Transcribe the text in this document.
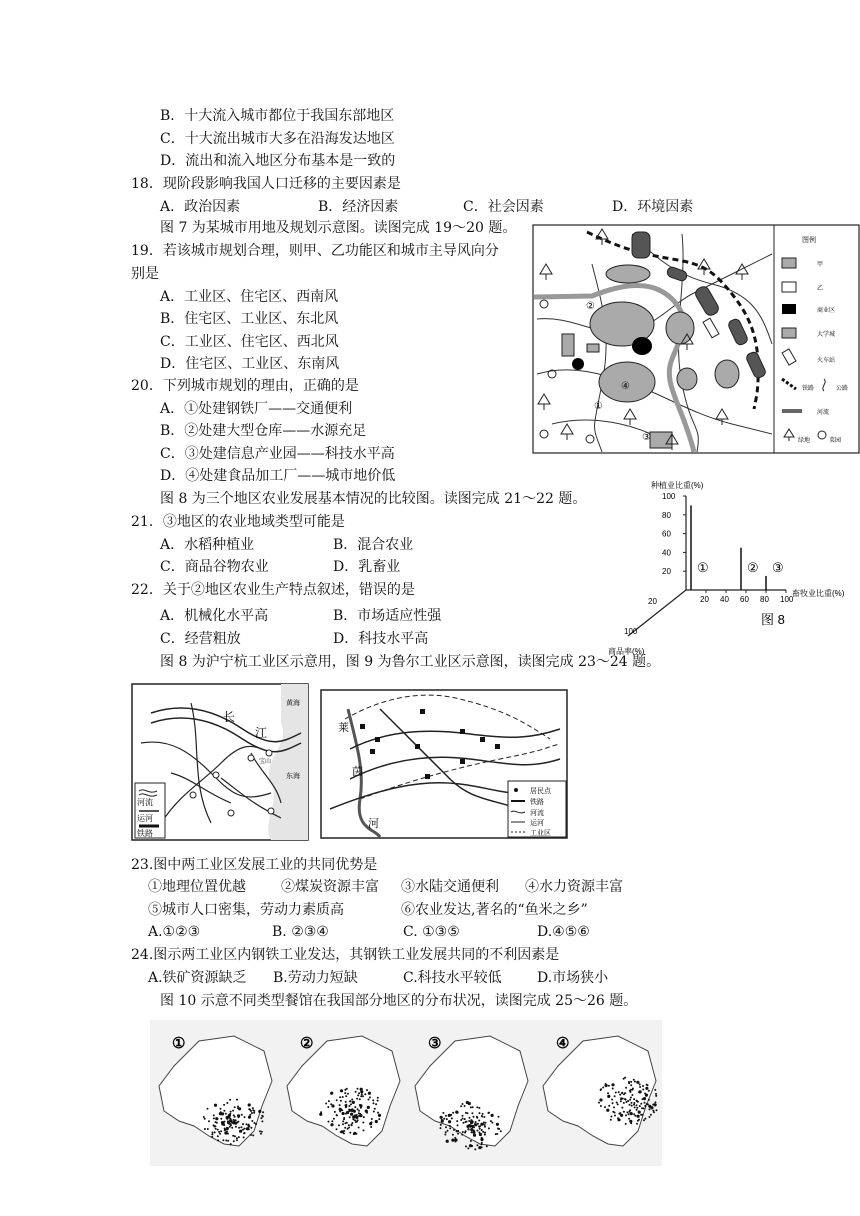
B．十大流入城市都位于我国东部地区
C．十大流出城市大多在沿海发达地区
D．流出和流入地区分布基本是一致的
18．现阶段影响我国人口迁移的主要因素是
A．政治因素	B．经济因素	C．社会因素	D．环境因素
图 7 为某城市用地及规划示意图。读图完成 19～20 题。
19．若该城市规划合理，则甲、乙功能区和城市主导风向分
别是
A．工业区、住宅区、西南风
B．住宅区、工业区、东北风
C．工业区、住宅区、西北风
D．住宅区、工业区、东南风
20．下列城市规划的理由，正确的是
A．①处建钢铁厂——交通便利
B．②处建大型仓库——水源充足
C．③处建信息产业园——科技水平高
D．④处建食品加工厂——城市地价低
图 8 为三个地区农业发展基本情况的比较图。读图完成 21～22 题。
21．③地区的农业地域类型可能是
A．水稻种植业	B．混合农业
C．商品谷物农业	D．乳畜业
22．关于②地区农业生产特点叙述，错误的是
A．机械化水平高	B．市场适应性强
C．经营粗放	D．科技水平高
图 8 为沪宁杭工业区示意用，图 9 为鲁尔工业区示意图，读图完成 23～24 题。
23.图中两工业区发展工业的共同优势是
①地理位置优越	②煤炭资源丰富 ③水陆交通便利 ④水力资源丰富
⑤城市人口密集，劳动力素质高	⑥农业发达,著名的“鱼米之乡”
A.①②③	B. ②③④	C. ①③⑤	D.④⑤⑥
24.图示两工业区内钢铁工业发达，其钢铁工业发展共同的不利因素是
A.铁矿资源缺乏 B.劳动力短缺	C.科技水平较低	D.市场狭小
图 10 示意不同类型餐馆在我国部分地区的分布状况，读图完成 25～26 题。
②
④
①
③
图例
甲
乙
商业区
大学城
火车站
铁路	公路
河流
绿地	菜园
种植业比重(%)
畜牧业比重(%)
商品率(%)
图 8
100
80
60
40
20
20 40 60 80 100
20
100
①	② ③
黄海
长
江
东海
宝山
河流
运河
铁路
莱
茵
河
居民点
铁路
河流
运河
工业区
①	②	③	④
